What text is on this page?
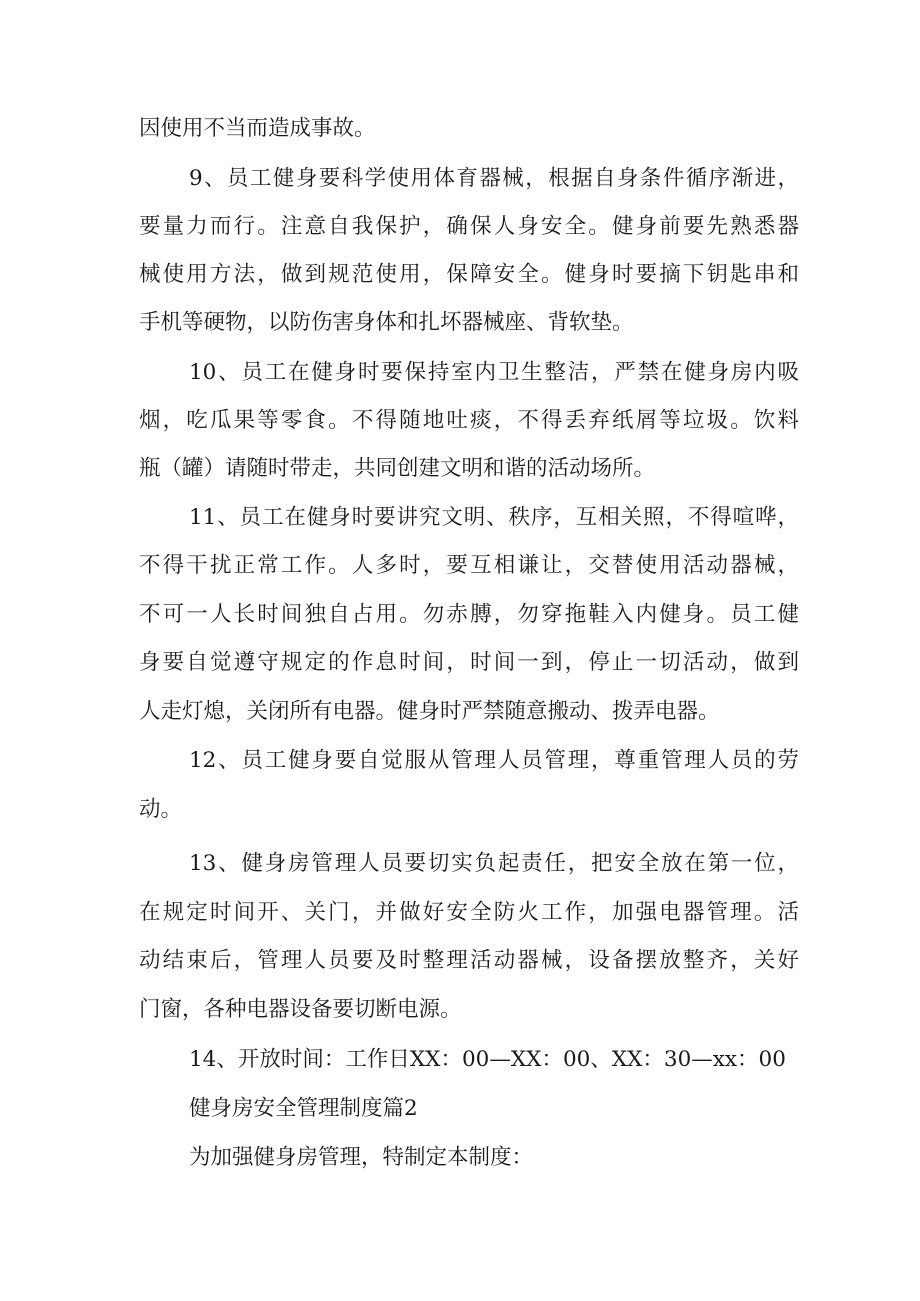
因使用不当而造成事故。
9、员工健身要科学使用体育器械，根据自身条件循序渐进，
要量力而行。注意自我保护，确保人身安全。健身前要先熟悉器
械使用方法，做到规范使用，保障安全。健身时要摘下钥匙串和
手机等硬物，以防伤害身体和扎坏器械座、背软垫。
10、员工在健身时要保持室内卫生整洁，严禁在健身房内吸
烟，吃瓜果等零食。不得随地吐痰，不得丢弃纸屑等垃圾。饮料
瓶（罐）请随时带走，共同创建文明和谐的活动场所。
11、员工在健身时要讲究文明、秩序，互相关照，不得喧哗，
不得干扰正常工作。人多时，要互相谦让，交替使用活动器械，
不可一人长时间独自占用。勿赤膊，勿穿拖鞋入内健身。员工健
身要自觉遵守规定的作息时间，时间一到，停止一切活动，做到
人走灯熄，关闭所有电器。健身时严禁随意搬动、拨弄电器。
12、员工健身要自觉服从管理人员管理，尊重管理人员的劳
动。
13、健身房管理人员要切实负起责任，把安全放在第一位，
在规定时间开、关门，并做好安全防火工作，加强电器管理。活
动结束后，管理人员要及时整理活动器械，设备摆放整齐，关好
门窗，各种电器设备要切断电源。
14、开放时间：工作日XX：00—XX：00、XX：30—xx：00
健身房安全管理制度篇2
为加强健身房管理，特制定本制度：
